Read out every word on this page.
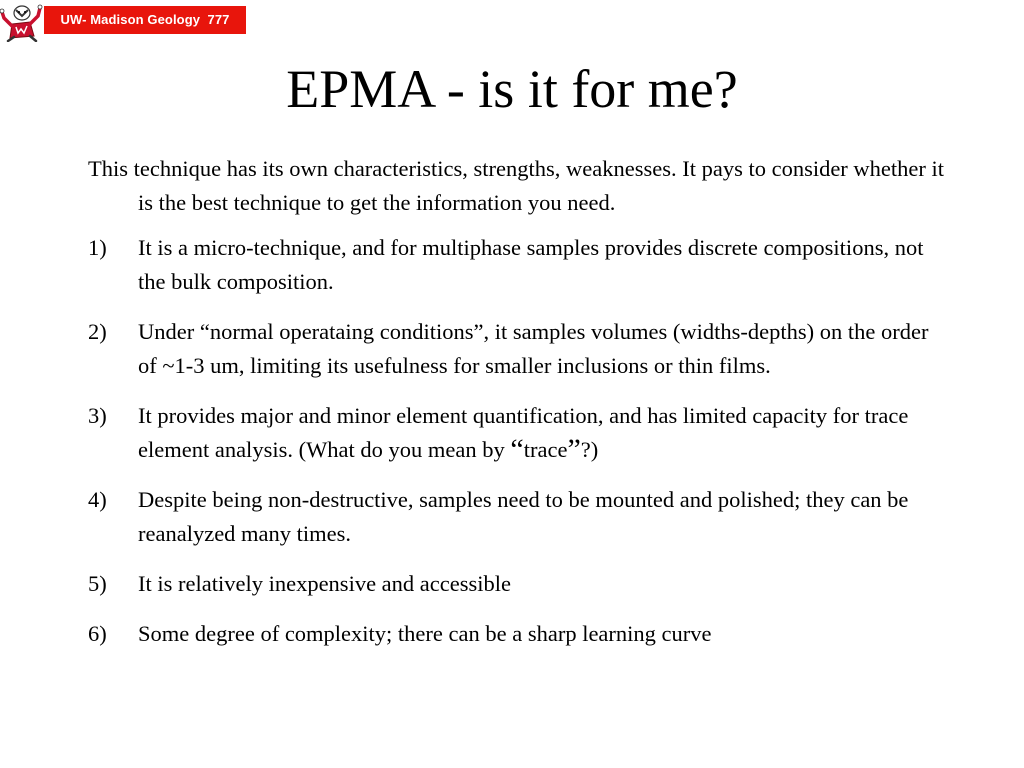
UW- Madison Geology  777
EPMA - is it for me?

This technique has its own characteristics, strengths, weaknesses. It pays to consider whether it is the best technique to get the information you need.

1) It is a micro-technique, and for multiphase samples provides discrete compositions, not the bulk composition.
2) Under “normal operataing conditions”, it samples volumes (widths-depths) on the order of ~1-3 um, limiting its usefulness for smaller inclusions or thin films.
3) It provides major and minor element quantification, and has limited capacity for trace element analysis. (What do you mean by “trace”?)
4) Despite being non-destructive, samples need to be mounted and polished; they can be reanalyzed many times.
5) It is relatively inexpensive and accessible
6) Some degree of complexity; there can be a sharp learning curve
